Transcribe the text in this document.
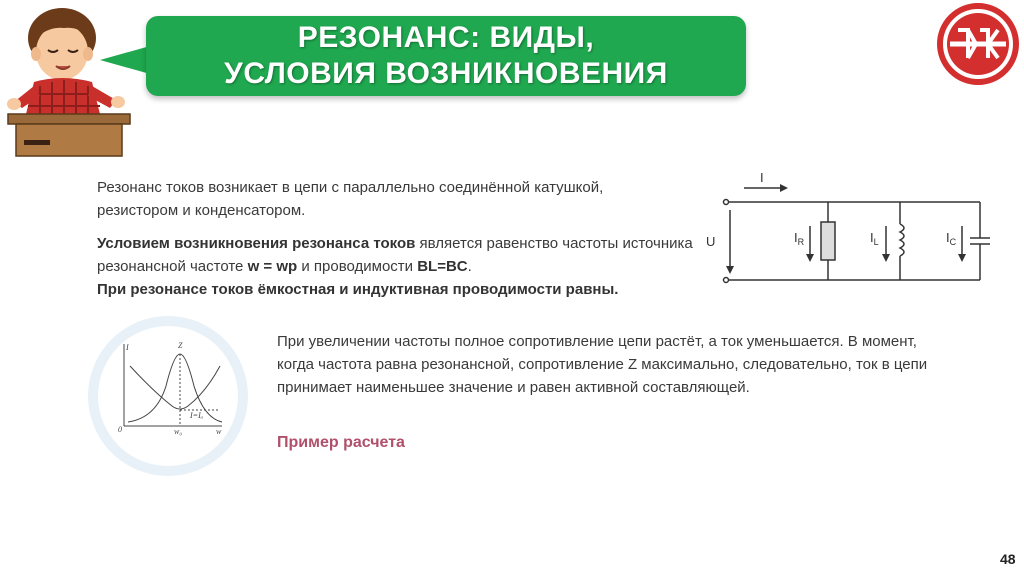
РЕЗОНАНС: ВИДЫ,
УСЛОВИЯ ВОЗНИКНОВЕНИЯ
Резонанс токов возникает в цепи с параллельно соединённой катушкой, резистором и конденсатором.
Условием возникновения резонанса токов является равенство частоты источника резонансной частоте w = wp и проводимости BL=BC.
При резонансе токов ёмкостная и индуктивная проводимости равны.
I
U	$I_R$	$I_L$	$I_C$
I	Z
0	w
w₀
I=Iₐ
При увеличении частоты полное сопротивление цепи растёт, а ток уменьшается. В момент, когда частота равна резонансной, сопротивление Z максимально, следовательно, ток в цепи принимает наименьшее значение и равен активной составляющей.
Пример расчета
48
